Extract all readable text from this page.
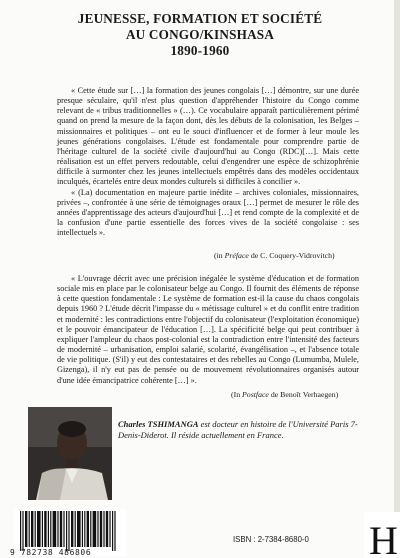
JEUNESSE, FORMATION ET SOCIÉTÉ
AU CONGO/KINSHASA
1890-1960

« Cette étude sur […] la formation des jeunes congolais […] démontre, sur une durée presque séculaire, qu'il n'est plus question d'appréhender l'histoire du Congo comme relevant de « tribus traditionnelles » (…). Ce vocabulaire apparaît particulièrement périmé quand on prend la mesure de la façon dont, dès les débuts de la colonisation, les Belges – missionnaires et politiques – ont eu le souci d'influencer et de former à leur moule les jeunes générations congolaises. L'étude est fondamentale pour comprendre partie de l'héritage culturel de la société civile d'aujourd'hui au Congo (RDC)[…]. Mais cette réalisation est un effet pervers redoutable, celui d'engendrer une espèce de schizophrénie difficile à surmonter chez les jeunes intellectuels empêtrés dans des modèles occidentaux inculqués, écartelés entre deux mondes culturels si difficiles à concilier ».

« (La) documentation en majeure partie inédite – archives coloniales, missionnaires, privées –, confrontée à une série de témoignages oraux […] permet de mesurer le rôle des années d'apprentissage des acteurs d'aujourd'hui […] et rend compte de la complexité et de la confusion d'une partie essentielle des forces vives de la société congolaise : ses intellectuels ».

(in Préface de C. Coquery-Vidrovitch)

« L'ouvrage décrit avec une précision inégalée le système d'éducation et de formation sociale mis en place par le colonisateur belge au Congo. Il fournit des éléments de réponse à cette question fondamentale : Le système de formation est-il la cause du chaos congolais depuis 1960 ? L'étude décrit l'impasse du « métissage culturel » et du conflit entre tradition et modernité : les contradictions entre l'objectif du colonisateur (l'exploitation économique) et le pouvoir émancipateur de l'éducation […]. La spécificité belge qui peut contribuer à expliquer l'ampleur du chaos post-colonial est la contradiction entre l'intensité des facteurs de modernité – urbanisation, emploi salarié, scolarité, évangélisation –, et l'absence totale de vie politique. (S'il) y eut des contestataires et des rebelles au Congo (Lumumba, Mulele, Gizenga), il n'y eut pas de pensée ou de mouvement révolutionnaires organisés autour d'une idée émancipatrice cohérente […] ».

(In Postface de Benoît Verhaegen)
Charles TSHIMANGA est docteur en histoire de l'Université Paris 7-Denis-Diderot. Il réside actuellement en France.
9 782738 486806
ISBN : 2-7384-8680-0 H
